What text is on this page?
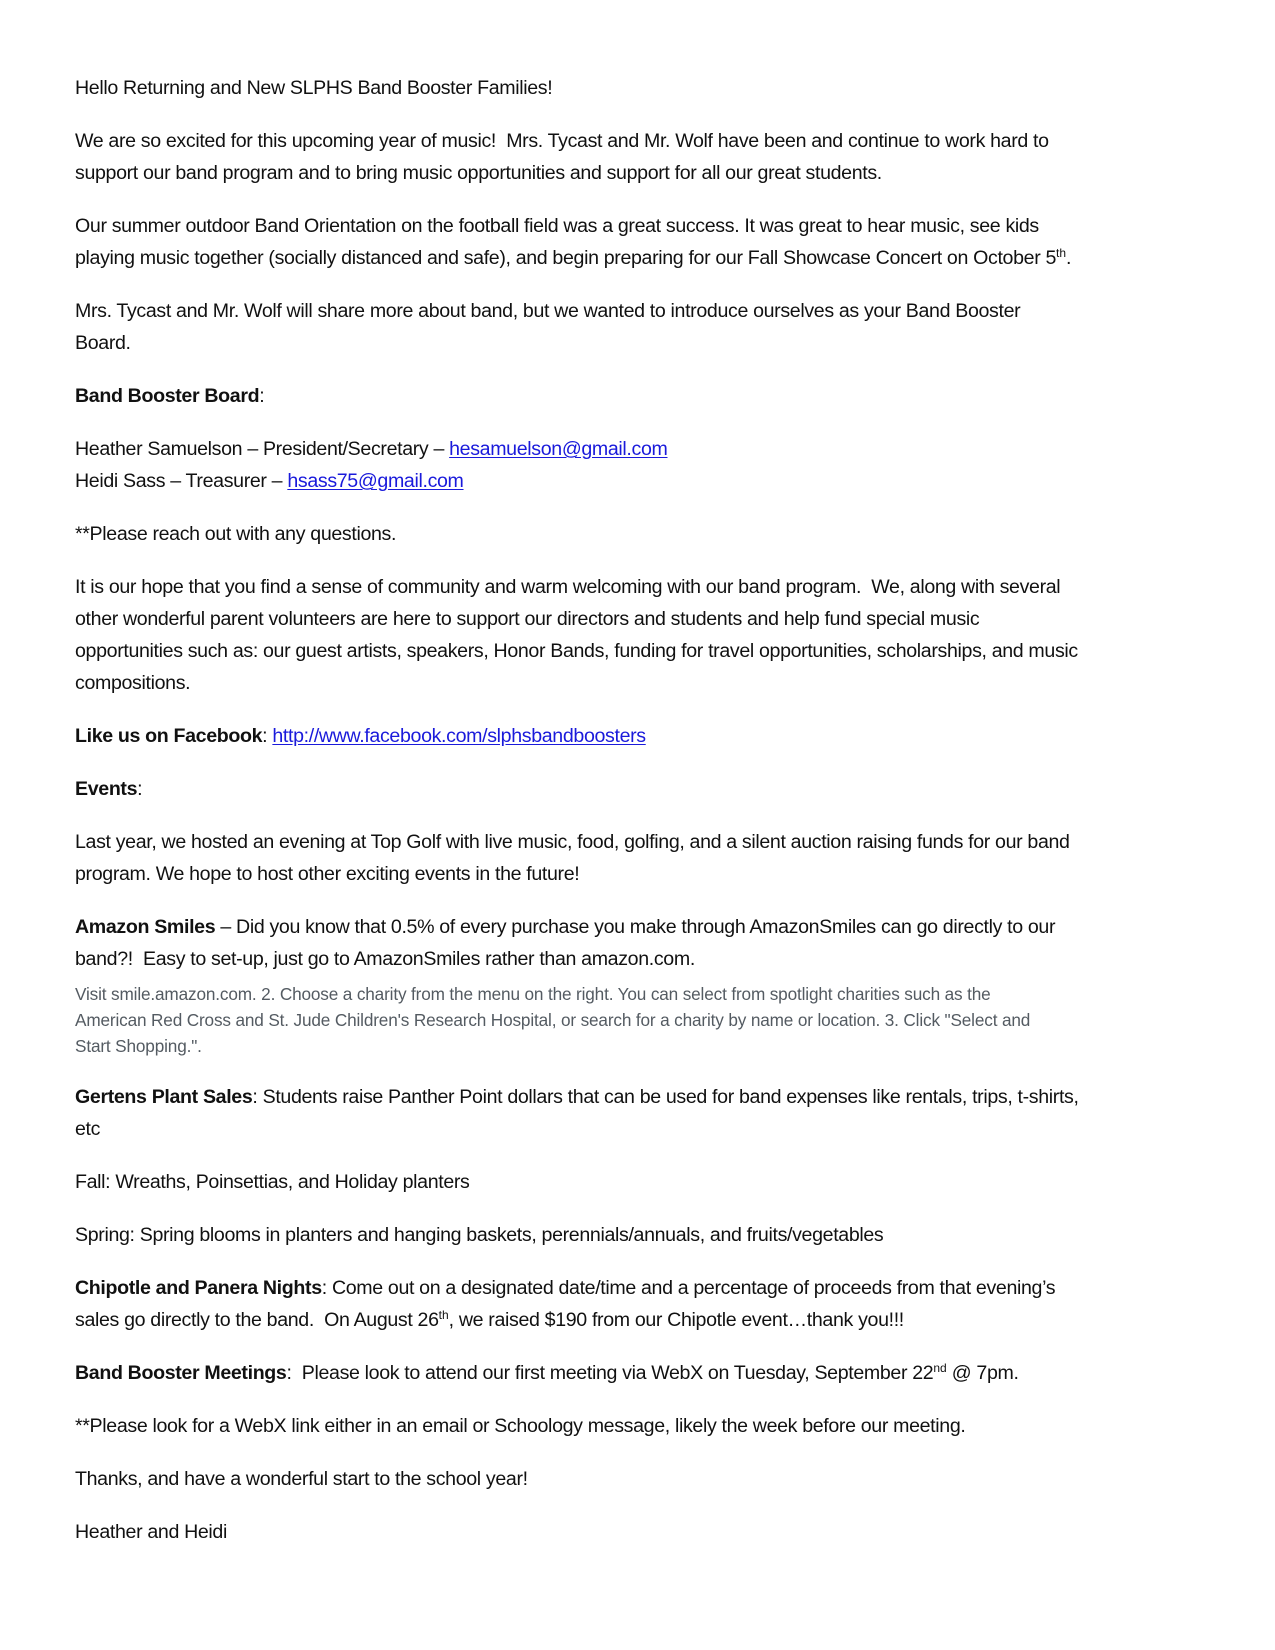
Hello Returning and New SLPHS Band Booster Families!

We are so excited for this upcoming year of music!  Mrs. Tycast and Mr. Wolf have been and continue to work hard to
support our band program and to bring music opportunities and support for all our great students.

Our summer outdoor Band Orientation on the football field was a great success. It was great to hear music, see kids
playing music together (socially distanced and safe), and begin preparing for our Fall Showcase Concert on October 5th.

Mrs. Tycast and Mr. Wolf will share more about band, but we wanted to introduce ourselves as your Band Booster
Board.

Band Booster Board:

Heather Samuelson – President/Secretary – hesamuelson@gmail.com
Heidi Sass – Treasurer – hsass75@gmail.com

**Please reach out with any questions.

It is our hope that you find a sense of community and warm welcoming with our band program.  We, along with several
other wonderful parent volunteers are here to support our directors and students and help fund special music
opportunities such as: our guest artists, speakers, Honor Bands, funding for travel opportunities, scholarships, and music
compositions.

Like us on Facebook: http://www.facebook.com/slphsbandboosters

Events:

Last year, we hosted an evening at Top Golf with live music, food, golfing, and a silent auction raising funds for our band
program. We hope to host other exciting events in the future!

Amazon Smiles – Did you know that 0.5% of every purchase you make through AmazonSmiles can go directly to our
band?!  Easy to set-up, just go to AmazonSmiles rather than amazon.com.

Visit smile.amazon.com. 2. Choose a charity from the menu on the right. You can select from spotlight charities such as the
American Red Cross and St. Jude Children's Research Hospital, or search for a charity by name or location. 3. Click "Select and
Start Shopping.".

Gertens Plant Sales: Students raise Panther Point dollars that can be used for band expenses like rentals, trips, t-shirts,
etc

Fall: Wreaths, Poinsettias, and Holiday planters

Spring: Spring blooms in planters and hanging baskets, perennials/annuals, and fruits/vegetables

Chipotle and Panera Nights: Come out on a designated date/time and a percentage of proceeds from that evening’s
sales go directly to the band.  On August 26th, we raised $190 from our Chipotle event…thank you!!!

Band Booster Meetings:  Please look to attend our first meeting via WebX on Tuesday, September 22nd @ 7pm.

**Please look for a WebX link either in an email or Schoology message, likely the week before our meeting.

Thanks, and have a wonderful start to the school year!

Heather and Heidi
